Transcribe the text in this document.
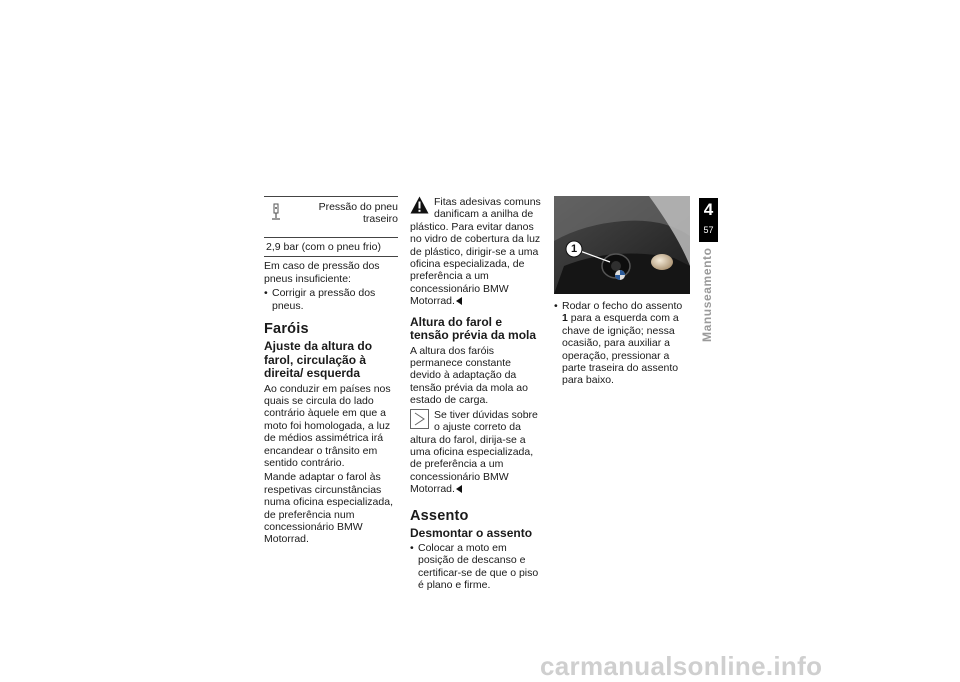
Pressão do pneu traseiro
2,9 bar (com o pneu frio)

Em caso de pressão dos pneus insuficiente:

• Corrigir a pressão dos pneus.
Faróis
Ajuste da altura do farol, circulação à direita/ esquerda

Ao conduzir em países nos quais se circula do lado contrário àquele em que a moto foi homologada, a luz de médios assimétrica irá encandear o trânsito em sentido contrário.

Mande adaptar o farol às respetivas circunstâncias numa oficina especializada, de preferência num concessionário BMW Motorrad.

Fitas adesivas comuns danificam a anilha de plástico. Para evitar danos no vidro de cobertura da luz de plástico, dirigir-se a uma oficina especializada, de preferência a um concessionário BMW Motorrad.

Altura do farol e tensão prévia da mola

A altura dos faróis permanece constante devido à adaptação da tensão prévia da mola ao estado de carga.

Se tiver dúvidas sobre o ajuste correto da altura do farol, dirija-se a uma oficina especializada, de preferência a um concessionário BMW Motorrad.

Assento
Desmontar o assento
• Colocar a moto em posição de descanso e certificar-se de que o piso é plano e firme.
1
• Rodar o fecho do assento 1 para a esquerda com a chave de ignição; nessa ocasião, para auxiliar a operação, pressionar a parte traseira do assento para baixo.
4
57
Manuseamento
carmanualsonline.info
